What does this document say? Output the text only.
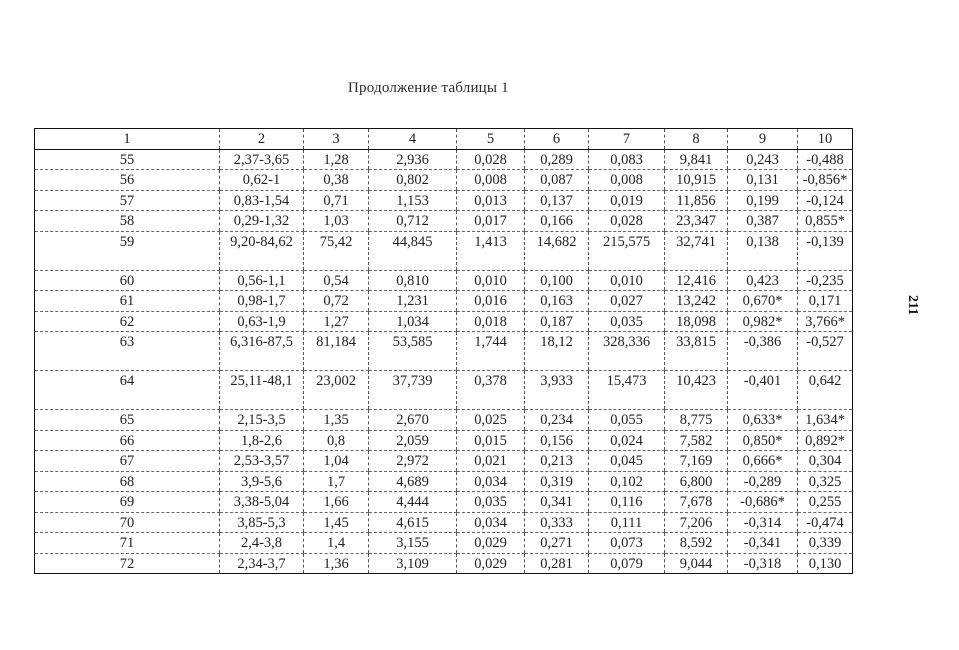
Продолжение таблицы 1
211
1	2	3	4	5	6	7	8	9	10
55	2,37-3,65	1,28	2,936	0,028	0,289	0,083	9,841	0,243	-0,488
56	0,62-1	0,38	0,802	0,008	0,087	0,008	10,915	0,131	-0,856*
57	0,83-1,54	0,71	1,153	0,013	0,137	0,019	11,856	0,199	-0,124
58	0,29-1,32	1,03	0,712	0,017	0,166	0,028	23,347	0,387	0,855*
59	9,20-84,62	75,42	44,845	1,413	14,682	215,575	32,741	0,138	-0,139
60	0,56-1,1	0,54	0,810	0,010	0,100	0,010	12,416	0,423	-0,235
61	0,98-1,7	0,72	1,231	0,016	0,163	0,027	13,242	0,670*	0,171
62	0,63-1,9	1,27	1,034	0,018	0,187	0,035	18,098	0,982*	3,766*
63	6,316-87,5	81,184	53,585	1,744	18,12	328,336	33,815	-0,386	-0,527
64	25,11-48,1	23,002	37,739	0,378	3,933	15,473	10,423	-0,401	0,642
65	2,15-3,5	1,35	2,670	0,025	0,234	0,055	8,775	0,633*	1,634*
66	1,8-2,6	0,8	2,059	0,015	0,156	0,024	7,582	0,850*	0,892*
67	2,53-3,57	1,04	2,972	0,021	0,213	0,045	7,169	0,666*	0,304
68	3,9-5,6	1,7	4,689	0,034	0,319	0,102	6,800	-0,289	0,325
69	3,38-5,04	1,66	4,444	0,035	0,341	0,116	7,678	-0,686*	0,255
70	3,85-5,3	1,45	4,615	0,034	0,333	0,111	7,206	-0,314	-0,474
71	2,4-3,8	1,4	3,155	0,029	0,271	0,073	8,592	-0,341	0,339
72	2,34-3,7	1,36	3,109	0,029	0,281	0,079	9,044	-0,318	0,130
